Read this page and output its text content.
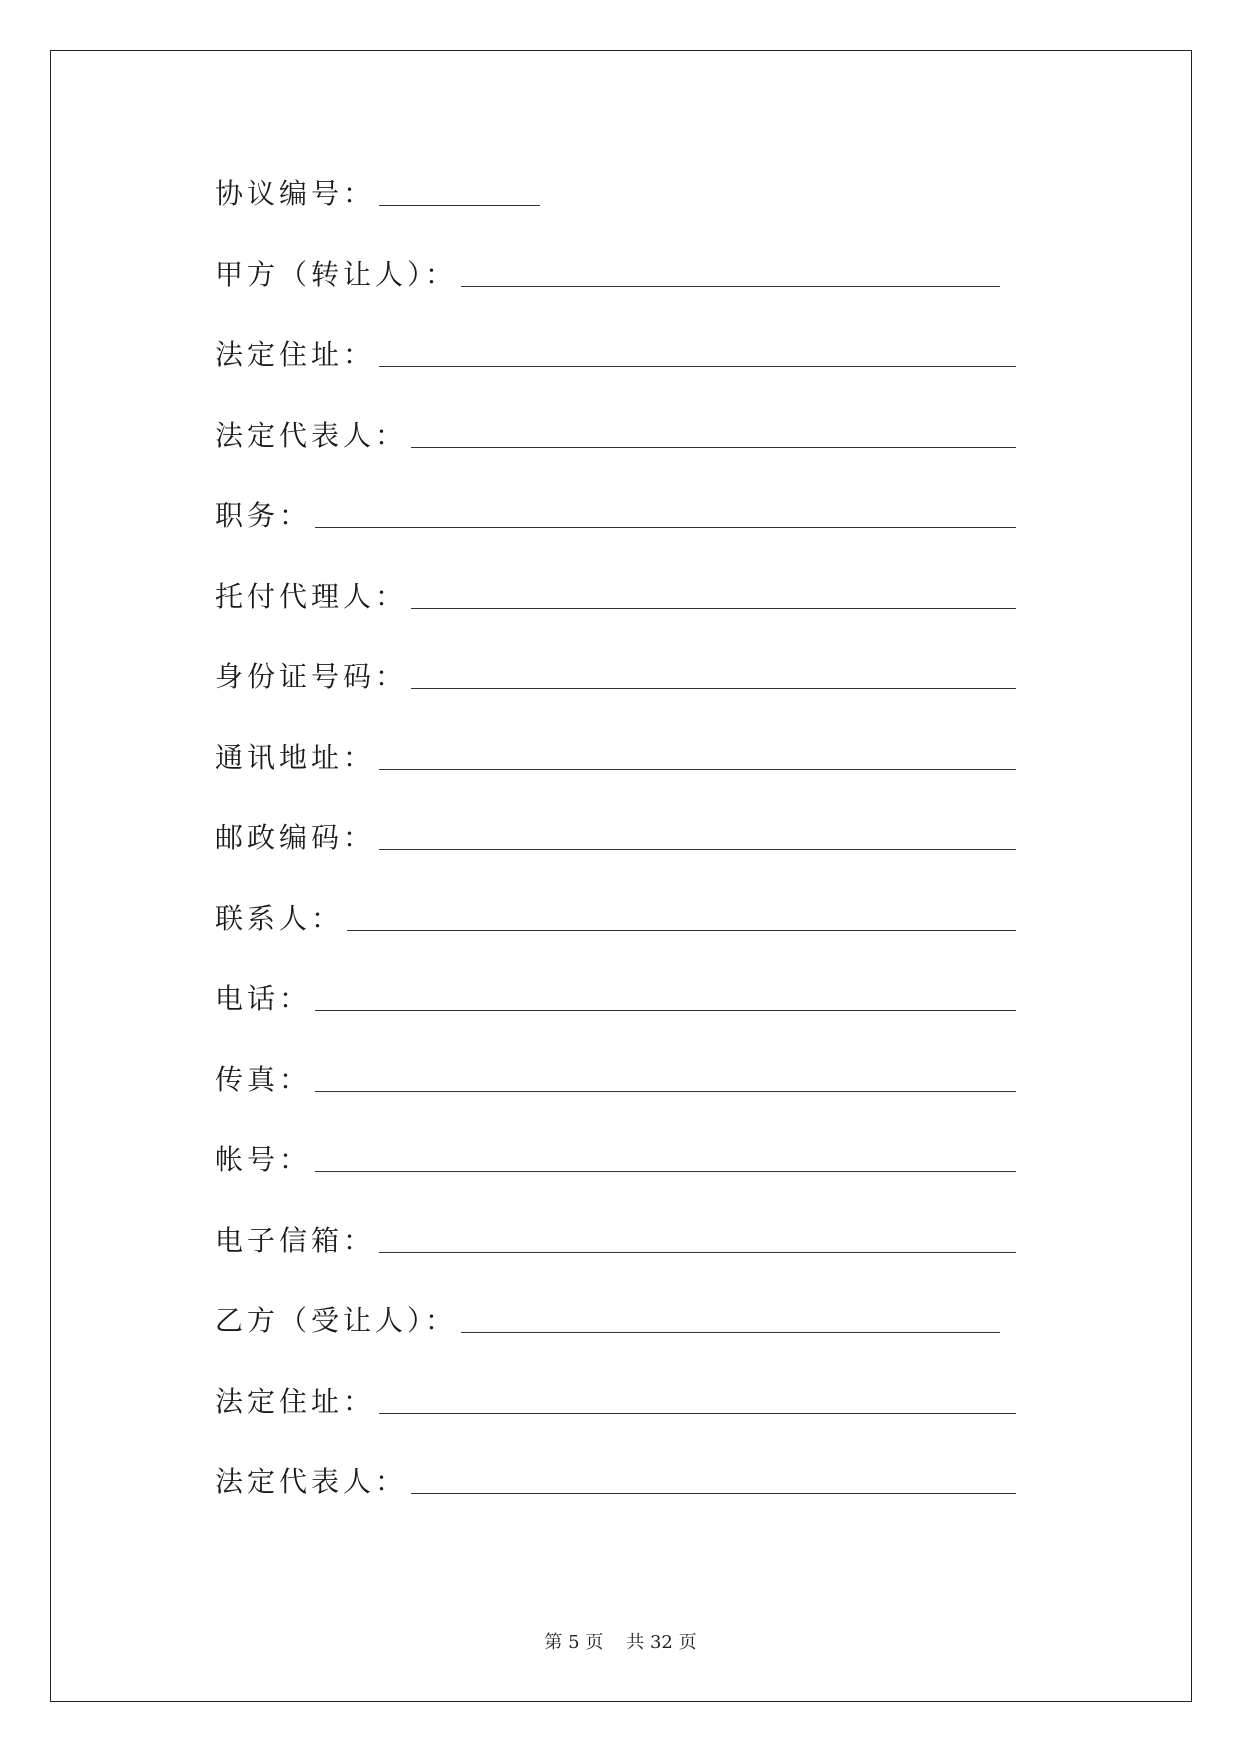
协议编号：
甲方（转让人）：
法定住址：
法定代表人：
职务：
托付代理人：
身份证号码：
通讯地址：
邮政编码：
联系人：
电话：
传真：
帐号：
电子信箱：
乙方（受让人）：
法定住址：
法定代表人：
第 5 页 共 32 页
